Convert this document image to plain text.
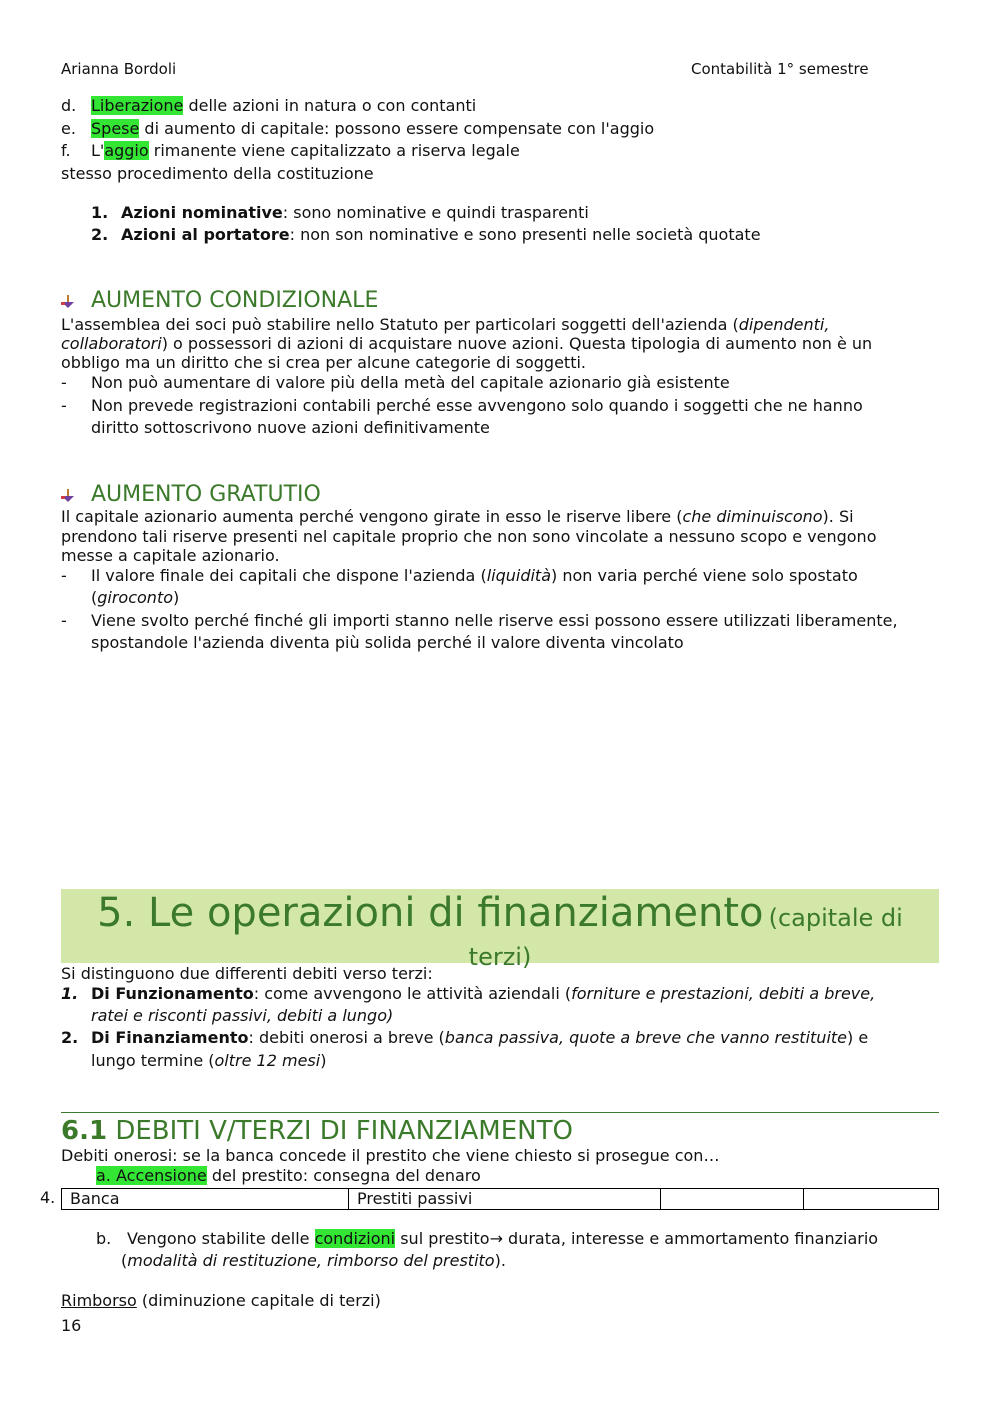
Arianna Bordoli	Contabilità 1° semestre
d. Liberazione delle azioni in natura o con contanti
e. Spese di aumento di capitale: possono essere compensate con l'aggio
f. L'aggio rimanente viene capitalizzato a riserva legale
stesso procedimento della costituzione
1. Azioni nominative: sono nominative e quindi trasparenti
2. Azioni al portatore: non son nominative e sono presenti nelle società quotate
AUMENTO CONDIZIONALE
L'assemblea dei soci può stabilire nello Statuto per particolari soggetti dell'azienda (dipendenti,
collaboratori) o possessori di azioni di acquistare nuove azioni. Questa tipologia di aumento non è un
obbligo ma un diritto che si crea per alcune categorie di soggetti.
- Non può aumentare di valore più della metà del capitale azionario già esistente
- Non prevede registrazioni contabili perché esse avvengono solo quando i soggetti che ne hanno
diritto sottoscrivono nuove azioni definitivamente
AUMENTO GRATUTIO
Il capitale azionario aumenta perché vengono girate in esso le riserve libere (che diminuiscono). Si
prendono tali riserve presenti nel capitale proprio che non sono vincolate a nessuno scopo e vengono
messe a capitale azionario.
- Il valore finale dei capitali che dispone l'azienda (liquidità) non varia perché viene solo spostato
(giroconto)
- Viene svolto perché finché gli importi stanno nelle riserve essi possono essere utilizzati liberamente,
spostandole l'azienda diventa più solida perché il valore diventa vincolato
5. Le operazioni di finanziamento (capitale di
terzi)
Si distinguono due differenti debiti verso terzi:
1. Di Funzionamento: come avvengono le attività aziendali (forniture e prestazioni, debiti a breve,
ratei e risconti passivi, debiti a lungo)
2. Di Finanziamento: debiti onerosi a breve (banca passiva, quote a breve che vanno restituite) e
lungo termine (oltre 12 mesi)
6.1 DEBITI V/TERZI DI FINANZIAMENTO
Debiti onerosi: se la banca concede il prestito che viene chiesto si prosegue con…
a. Accensione del prestito: consegna del denaro
4. Banca	Prestiti passivi		
b. Vengono stabilite delle condizioni sul prestito→ durata, interesse e ammortamento finanziario
(modalità di restituzione, rimborso del prestito).
Rimborso (diminuzione capitale di terzi)
16
